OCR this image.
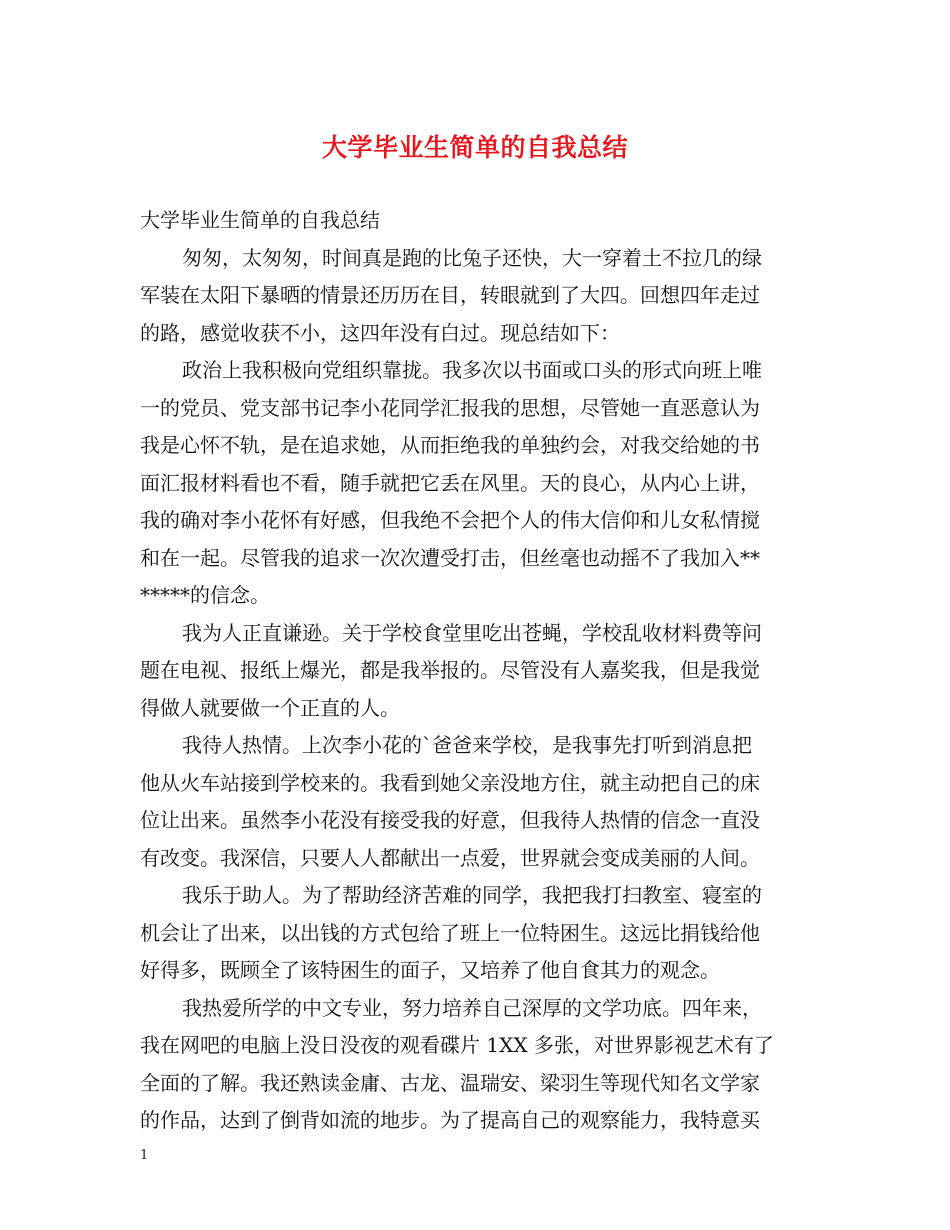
大学毕业生简单的自我总结
大学毕业生简单的自我总结
匆匆，太匆匆，时间真是跑的比兔子还快，大一穿着土不拉几的绿
军装在太阳下暴晒的情景还历历在目，转眼就到了大四。回想四年走过
的路，感觉收获不小，这四年没有白过。现总结如下：
政治上我积极向党组织靠拢。我多次以书面或口头的形式向班上唯
一的党员、党支部书记李小花同学汇报我的思想，尽管她一直恶意认为
我是心怀不轨，是在追求她，从而拒绝我的单独约会，对我交给她的书
面汇报材料看也不看，随手就把它丢在风里。天的良心，从内心上讲，
我的确对李小花怀有好感，但我绝不会把个人的伟大信仰和儿女私情搅
和在一起。尽管我的追求一次次遭受打击，但丝毫也动摇不了我加入**
*****的信念。
我为人正直谦逊。关于学校食堂里吃出苍蝇，学校乱收材料费等问
题在电视、报纸上爆光，都是我举报的。尽管没有人嘉奖我，但是我觉
得做人就要做一个正直的人。
我待人热情。上次李小花的`爸爸来学校，是我事先打听到消息把
他从火车站接到学校来的。我看到她父亲没地方住，就主动把自己的床
位让出来。虽然李小花没有接受我的好意，但我待人热情的信念一直没
有改变。我深信，只要人人都献出一点爱，世界就会变成美丽的人间。
我乐于助人。为了帮助经济苦难的同学，我把我打扫教室、寝室的
机会让了出来，以出钱的方式包给了班上一位特困生。这远比捐钱给他
好得多，既顾全了该特困生的面子，又培养了他自食其力的观念。
我热爱所学的中文专业，努力培养自己深厚的文学功底。四年来，
我在网吧的电脑上没日没夜的观看碟片 1XX 多张，对世界影视艺术有了
全面的了解。我还熟读金庸、古龙、温瑞安、梁羽生等现代知名文学家
的作品，达到了倒背如流的地步。为了提高自己的观察能力，我特意买
1
